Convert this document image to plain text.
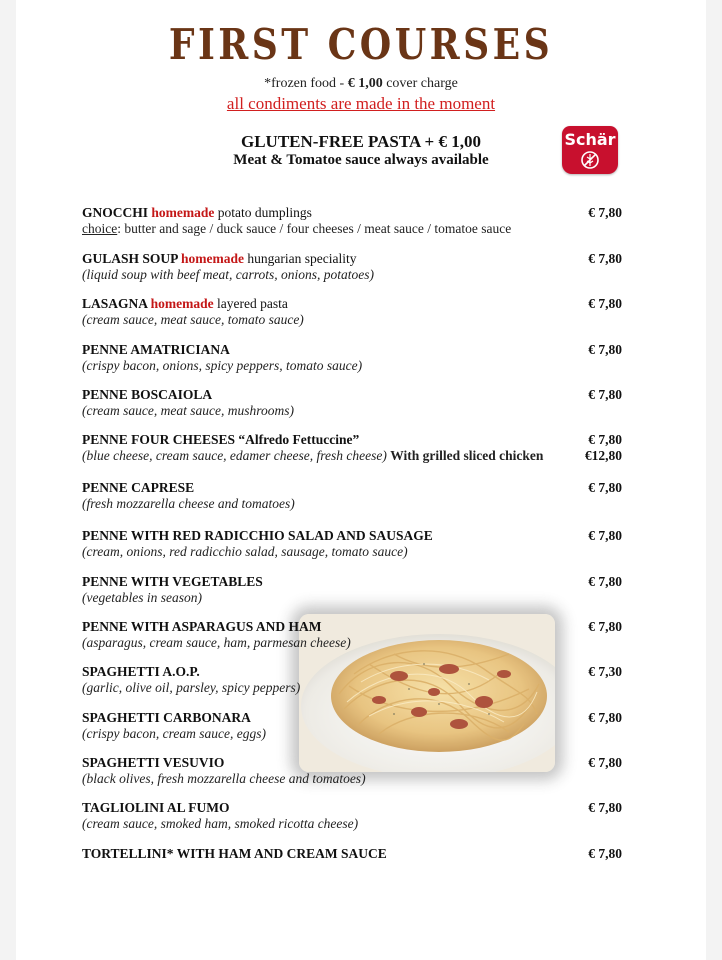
FIRST COURSES
*frozen food - € 1,00 cover charge
all condiments are made in the moment
GLUTEN-FREE PASTA + € 1,00
Meat & Tomatoe sauce always available
Schär
GNOCCHI homemade potato dumplings
choice: butter and sage / duck sauce / four cheeses / meat sauce / tomatoe sauce
€ 7,80
GULASH SOUP homemade hungarian speciality
(liquid soup with beef meat, carrots, onions, potatoes)
€ 7,80
LASAGNA homemade layered pasta
(cream sauce, meat sauce, tomato sauce)
€ 7,80
PENNE AMATRICIANA
(crispy bacon, onions, spicy peppers, tomato sauce)
€ 7,80
PENNE BOSCAIOLA
(cream sauce, meat sauce, mushrooms)
€ 7,80
PENNE FOUR CHEESES “Alfredo Fettuccine”
(blue cheese, cream sauce, edamer cheese, fresh cheese) With grilled sliced chicken
€ 7,80
€12,80
PENNE CAPRESE
(fresh mozzarella cheese and tomatoes)
€ 7,80
PENNE WITH RED RADICCHIO SALAD AND SAUSAGE
(cream, onions, red radicchio salad, sausage, tomato sauce)
€ 7,80
PENNE WITH VEGETABLES
(vegetables in season)
€ 7,80
PENNE WITH ASPARAGUS AND HAM
(asparagus, cream sauce, ham, parmesan cheese)
€ 7,80
SPAGHETTI A.O.P.
(garlic, olive oil, parsley, spicy peppers)
€ 7,30
SPAGHETTI CARBONARA
(crispy bacon, cream sauce, eggs)
€ 7,80
SPAGHETTI VESUVIO
(black olives, fresh mozzarella cheese and tomatoes)
€ 7,80
TAGLIOLINI AL FUMO
(cream sauce, smoked ham, smoked ricotta cheese)
€ 7,80
TORTELLINI* WITH HAM AND CREAM SAUCE	€ 7,80
